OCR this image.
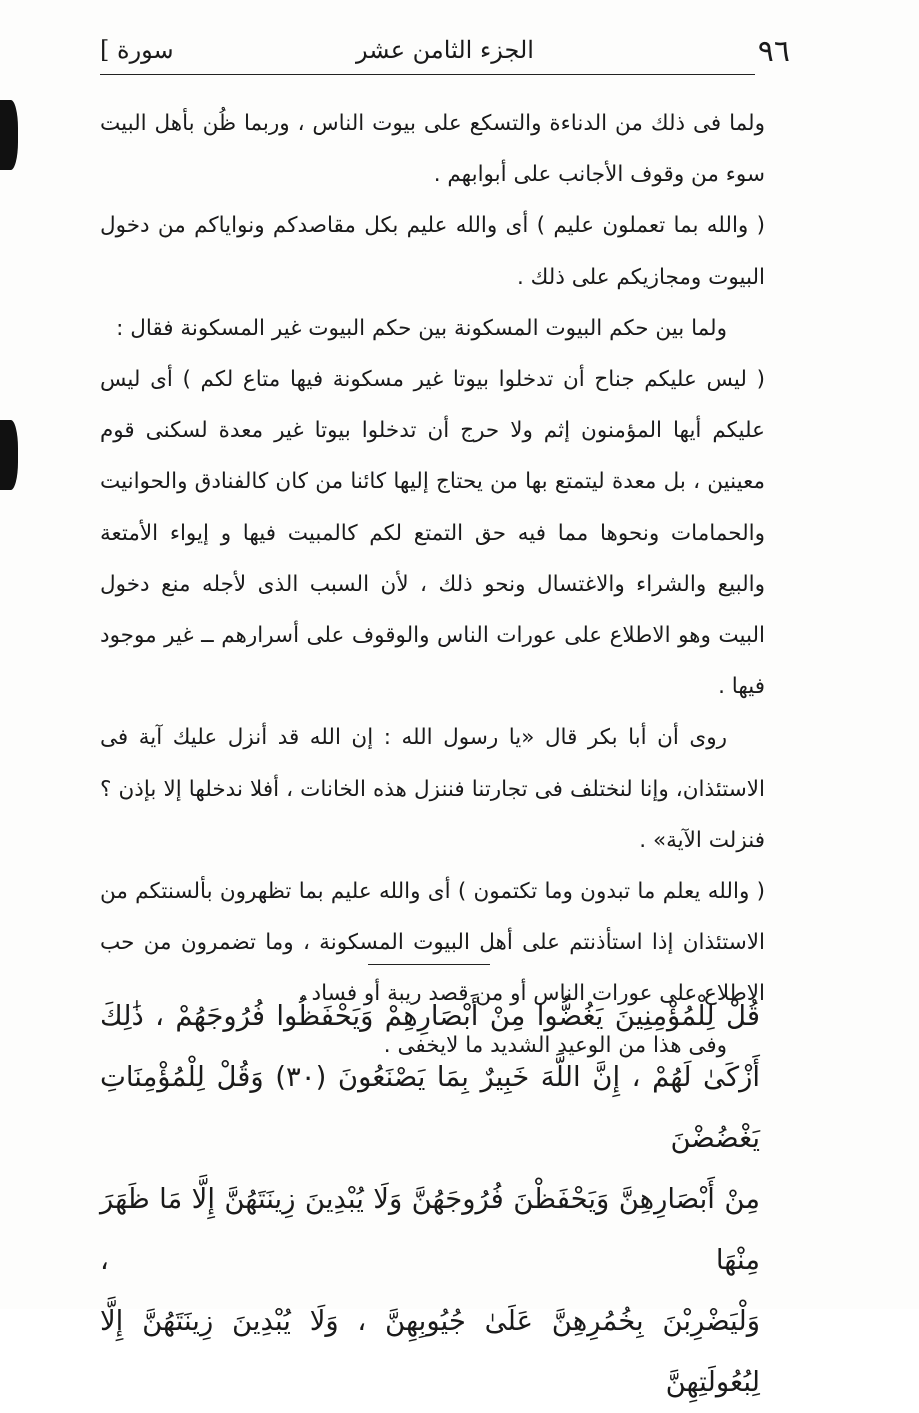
٩٦
الجزء الثامن عشر
سورة ]

ولما فى ذلك من الدناءة والتسكع على بيوت الناس ، وربما ظُن بأهل البيت سوء من وقوف الأجانب على أبوابهم .

( والله بما تعملون عليم ) أى والله عليم بكل مقاصدكم ونواياكم من دخول البيوت ومجازيكم على ذلك .

ولما بين حكم البيوت المسكونة بين حكم البيوت غير المسكونة فقال :

( ليس عليكم جناح أن تدخلوا بيوتا غير مسكونة فيها متاع لكم ) أى ليس عليكم أيها المؤمنون إثم ولا حرج أن تدخلوا بيوتا غير معدة لسكنى قوم معينين ، بل معدة ليتمتع بها من يحتاج إليها كائنا من كان كالفنادق والحوانيت والحمامات ونحوها مما فيه حق التمتع لكم كالمبيت فيها و إيواء الأمتعة والبيع والشراء والاغتسال ونحو ذلك ، لأن السبب الذى لأجله منع دخول البيت وهو الاطلاع على عورات الناس والوقوف على أسرارهم ــ غير موجود فيها .

روى أن أبا بكر قال «يا رسول الله : إن الله قد أنزل عليك آية فى الاستئذان، وإنا لنختلف فى تجارتنا فننزل هذه الخانات ، أفلا ندخلها إلا بإذن ؟ فنزلت الآية» .

( والله يعلم ما تبدون وما تكتمون ) أى والله عليم بما تظهرون بألسنتكم من الاستئذان إذا استأذنتم على أهل البيوت المسكونة ، وما تضمرون من حب الاطلاع على عورات الناس أو من قصد ريبة أو فساد .

وفى هذا من الوعيد الشديد ما لايخفى .

قُلْ لِلْمُؤْمِنِينَ يَغُضُّوا مِنْ أَبْصَارِهِمْ وَيَحْفَظُوا فُرُوجَهُمْ ، ذَٰلِكَ

أَزْكَىٰ لَهُمْ ، إِنَّ اللَّهَ خَبِيرٌ بِمَا يَصْنَعُونَ (٣٠) وَقُلْ لِلْمُؤْمِنَاتِ يَغْضُضْنَ

مِنْ أَبْصَارِهِنَّ وَيَحْفَظْنَ فُرُوجَهُنَّ وَلَا يُبْدِينَ زِينَتَهُنَّ إِلَّا مَا ظَهَرَ مِنْهَا ،

وَلْيَضْرِبْنَ بِخُمُرِهِنَّ عَلَىٰ جُيُوبِهِنَّ ، وَلَا يُبْدِينَ زِينَتَهُنَّ إِلَّا لِبُعُولَتِهِنَّ
